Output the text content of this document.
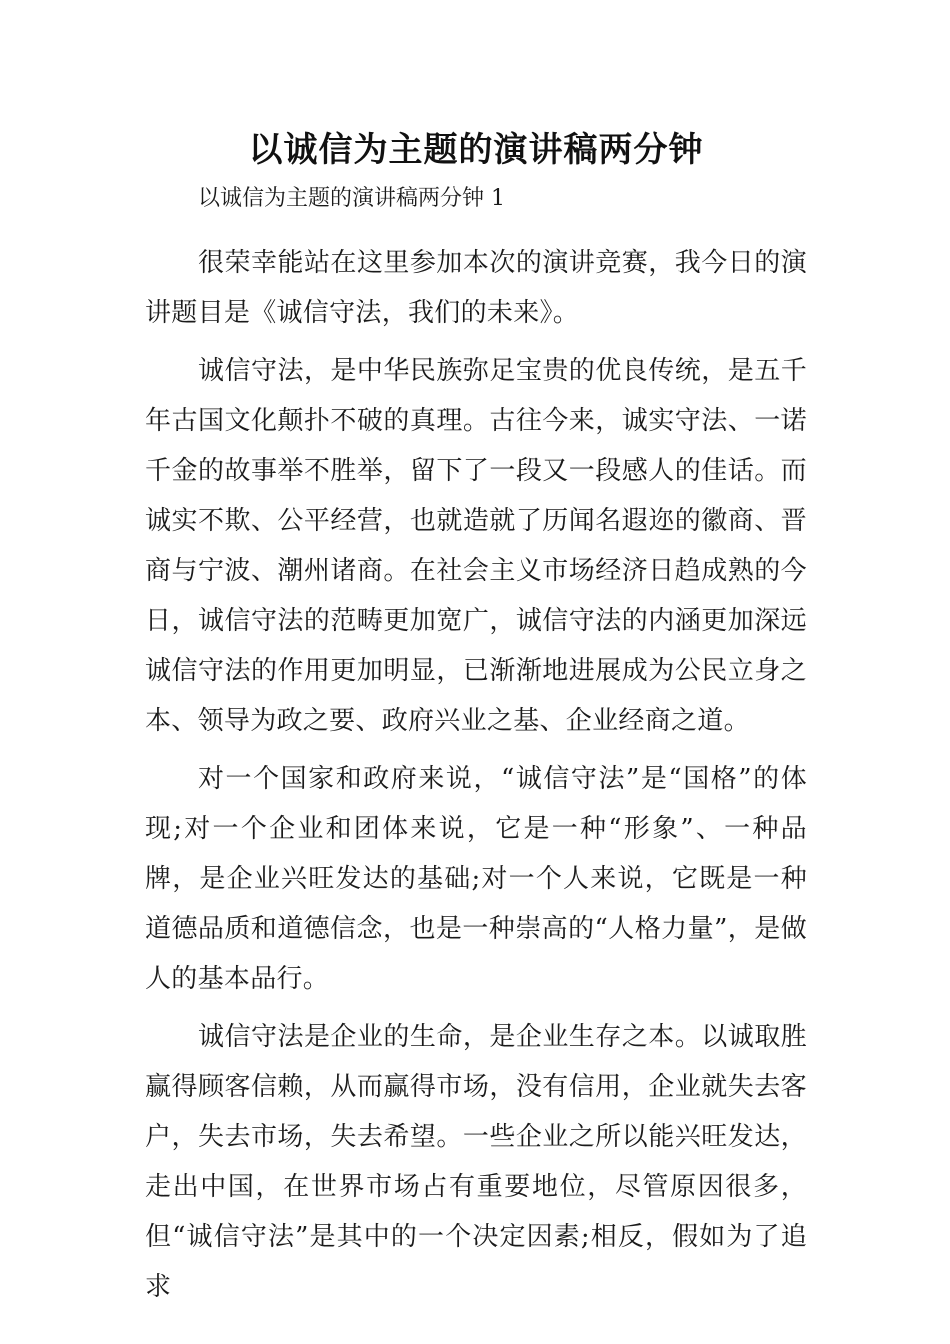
以诚信为主题的演讲稿两分钟

以诚信为主题的演讲稿两分钟 1

很荣幸能站在这里参加本次的演讲竞赛，我今日的演讲题目是《诚信守法，我们的未来》。

诚信守法，是中华民族弥足宝贵的优良传统，是五千年古国文化颠扑不破的真理。古往今来，诚实守法、一诺千金的故事举不胜举，留下了一段又一段感人的佳话。而诚实不欺、公平经营，也就造就了历闻名遐迩的徽商、晋商与宁波、潮州诸商。在社会主义市场经济日趋成熟的今日，诚信守法的范畴更加宽广，诚信守法的内涵更加深远诚信守法的作用更加明显，已渐渐地进展成为公民立身之本、领导为政之要、政府兴业之基、企业经商之道。

对一个国家和政府来说，“诚信守法”是“国格”的体现;对一个企业和团体来说，它是一种“形象”、一种品牌，是企业兴旺发达的基础;对一个人来说，它既是一种道德品质和道德信念，也是一种崇高的“人格力量”，是做人的基本品行。

诚信守法是企业的生命，是企业生存之本。以诚取胜赢得顾客信赖，从而赢得市场，没有信用，企业就失去客户，失去市场，失去希望。一些企业之所以能兴旺发达，走出中国，在世界市场占有重要地位，尽管原因很多，但“诚信守法”是其中的一个决定因素;相反，假如为了追求
